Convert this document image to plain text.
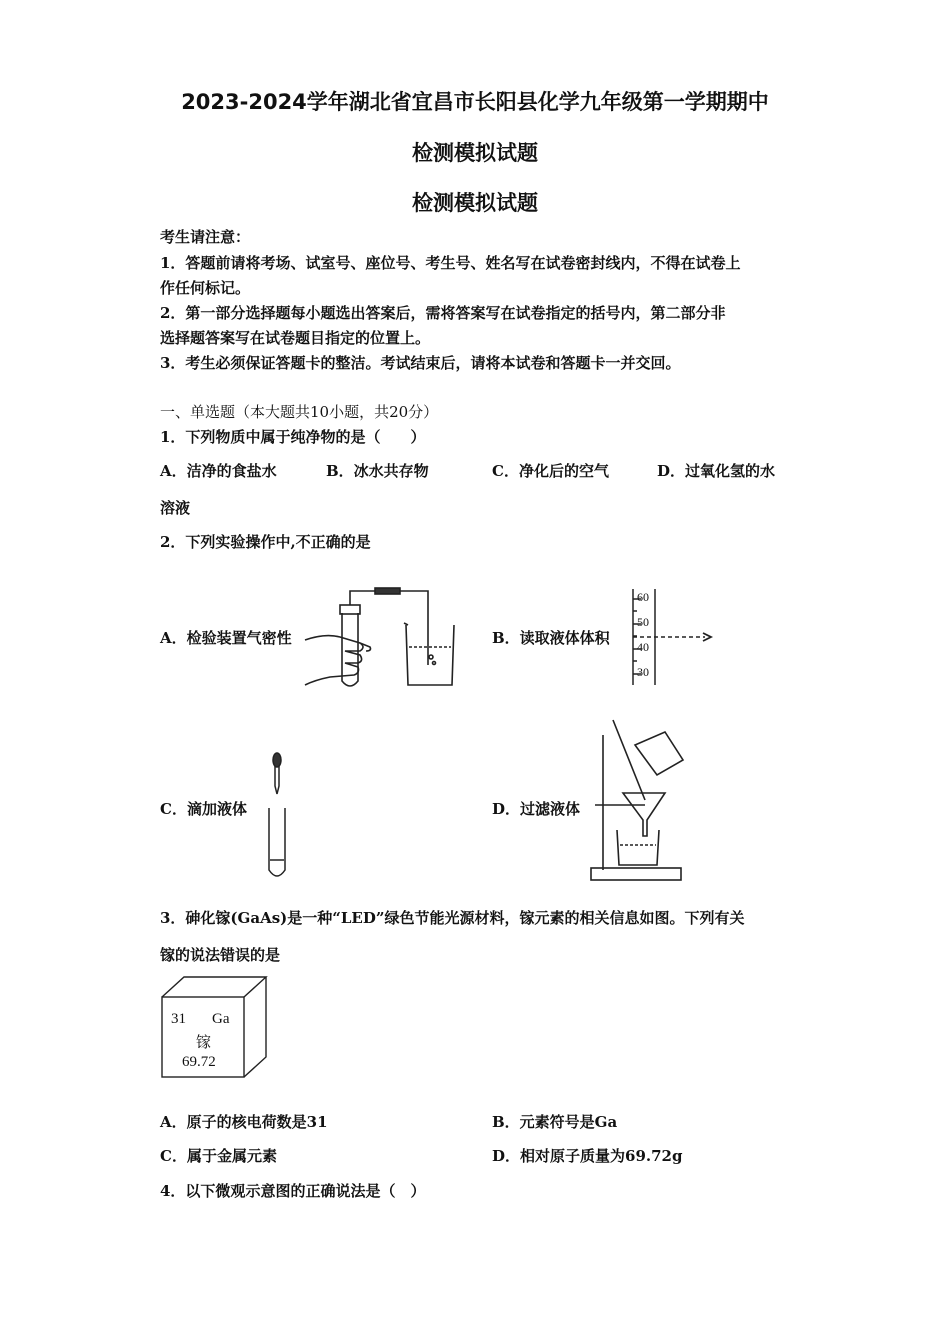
2023-2024学年湖北省宜昌市长阳县化学九年级第一学期期中
检测模拟试题
检测模拟试题
考生请注意：
1．答题前请将考场、试室号、座位号、考生号、姓名写在试卷密封线内，不得在试卷上
作任何标记。
2．第一部分选择题每小题选出答案后，需将答案写在试卷指定的括号内，第二部分非
选择题答案写在试卷题目指定的位置上。
3．考生必须保证答题卡的整洁。考试结束后，请将本试卷和答题卡一并交回。
一、单选题（本大题共10小题，共20分）
1．下列物质中属于纯净物的是（　　）
A．洁净的食盐水	B．冰水共存物	C．净化后的空气	D．过氧化氢的水
溶液
2．下列实验操作中,不正确的是
A．检验装置气密性	B．读取液体体积
C．滴加液体	D．过滤液体
60
50
40
30
3．砷化镓(GaAs)是一种“LED”绿色节能光源材料，镓元素的相关信息如图。下列有关
镓的说法错误的是
31 Ga
镓
69.72
A．原子的核电荷数是31	B．元素符号是Ga
C．属于金属元素	D．相对原子质量为69.72g
4．以下微观示意图的正确说法是（　）
